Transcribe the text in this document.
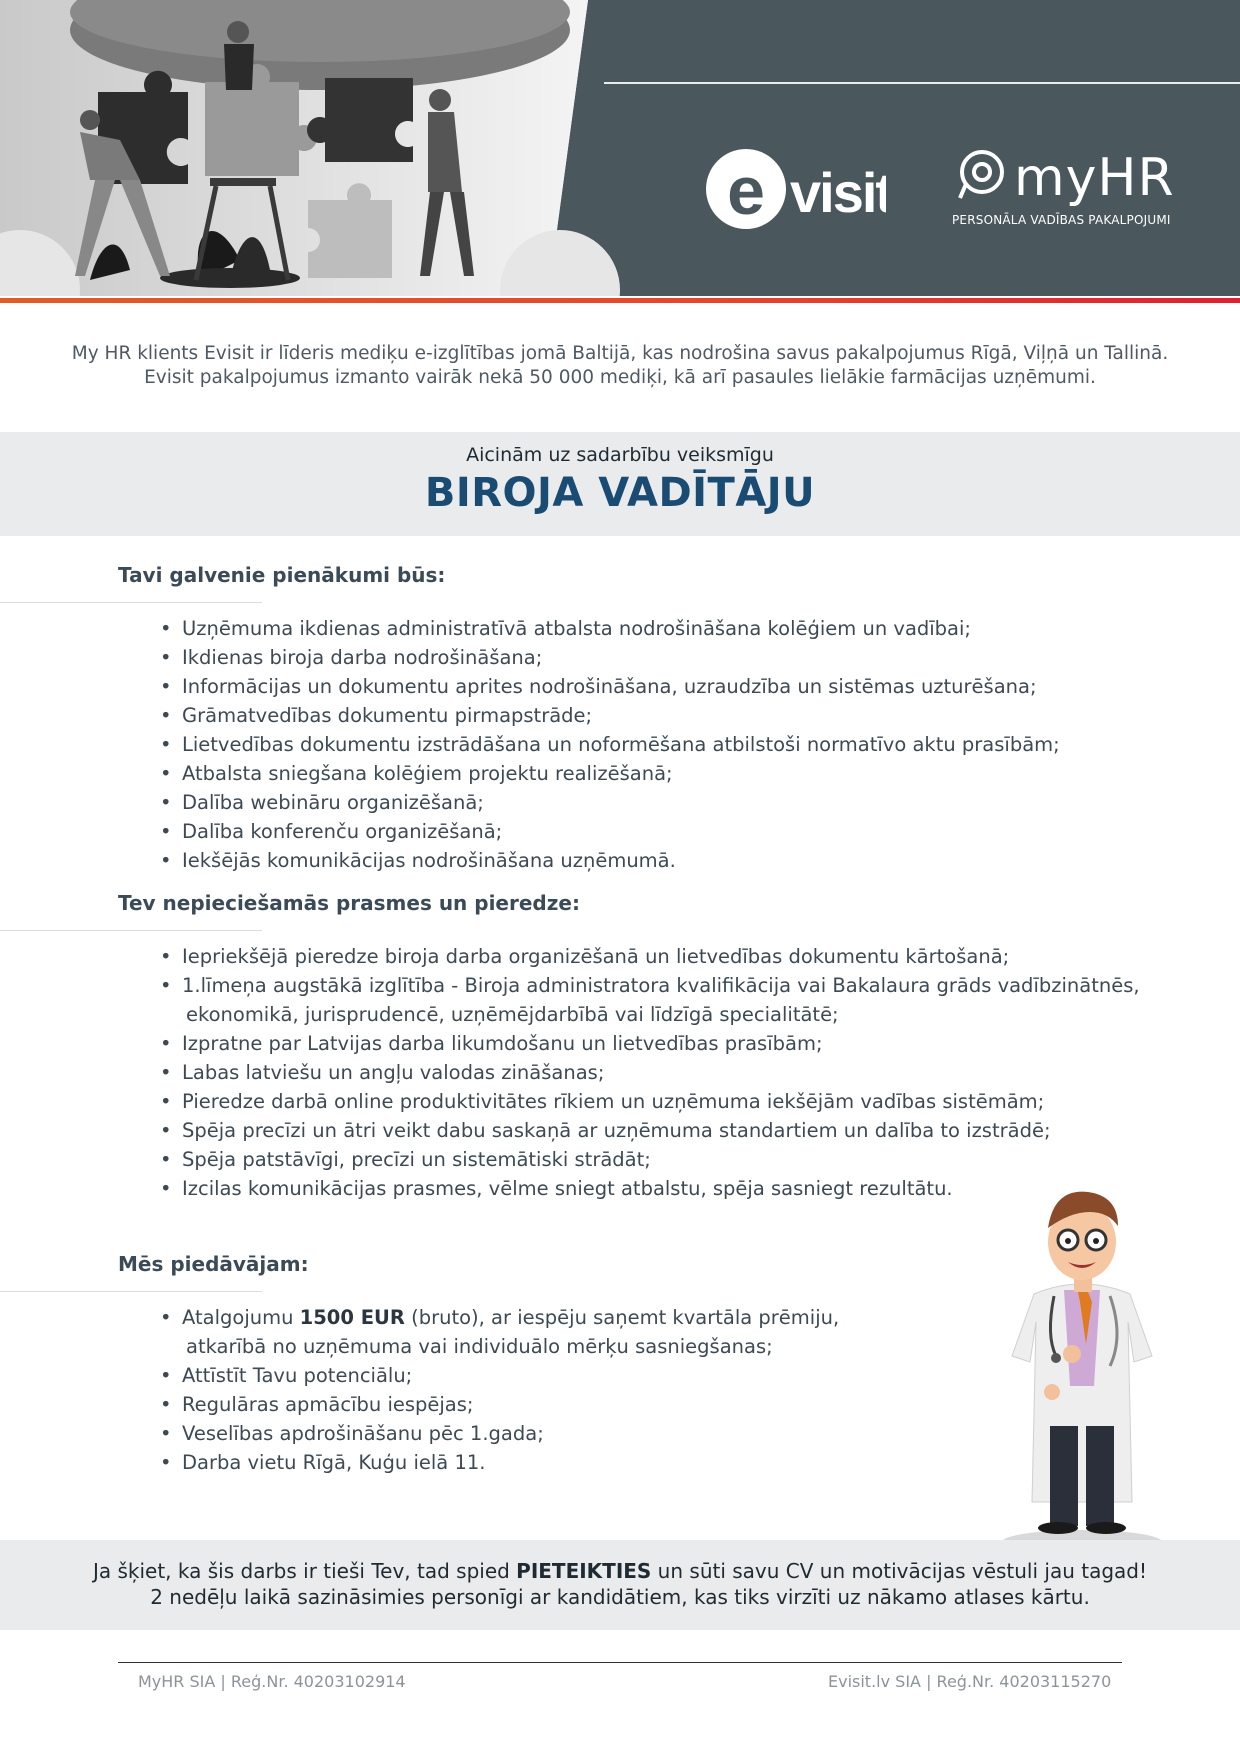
e visit myHR
PERSONĀLA VADĪBAS PAKALPOJUMI

My HR klients Evisit ir līderis mediķu e-izglītības jomā Baltijā, kas nodrošina savus pakalpojumus Rīgā, Viļņā un Tallinā.

Evisit pakalpojumus izmanto vairāk nekā 50 000 mediķi, kā arī pasaules lielākie farmācijas uzņēmumi.

Aicinām uz sadarbību veiksmīgu
BIROJA VADĪTĀJU
Tavi galvenie pienākumi būs:
• Uzņēmuma ikdienas administratīvā atbalsta nodrošināšana kolēģiem un vadībai;
• Ikdienas biroja darba nodrošināšana;
• Informācijas un dokumentu aprites nodrošināšana, uzraudzība un sistēmas uzturēšana;
• Grāmatvedības dokumentu pirmapstrāde;
• Lietvedības dokumentu izstrādāšana un noformēšana atbilstoši normatīvo aktu prasībām;
• Atbalsta sniegšana kolēģiem projektu realizēšanā;
• Dalība webināru organizēšanā;
• Dalība konferenču organizēšanā;
• Iekšējās komunikācijas nodrošināšana uzņēmumā.
Tev nepieciešamās prasmes un pieredze:
• Iepriekšējā pieredze biroja darba organizēšanā un lietvedības dokumentu kārtošanā;
• 1.līmeņa augstākā izglītība - Biroja administratora kvalifikācija vai Bakalaura grāds vadībzinātnēs,
ekonomikā, jurisprudencē, uzņēmējdarbībā vai līdzīgā specialitātē;
• Izpratne par Latvijas darba likumdošanu un lietvedības prasībām;
• Labas latviešu un angļu valodas zināšanas;
• Pieredze darbā online produktivitātes rīkiem un uzņēmuma iekšējām vadības sistēmām;
• Spēja precīzi un ātri veikt dabu saskaņā ar uzņēmuma standartiem un dalība to izstrādē;
• Spēja patstāvīgi, precīzi un sistemātiski strādāt;
• Izcilas komunikācijas prasmes, vēlme sniegt atbalstu, spēja sasniegt rezultātu.
Mēs piedāvājam:
• Atalgojumu 1500 EUR (bruto), ar iespēju saņemt kvartāla prēmiju,
atkarībā no uzņēmuma vai individuālo mērķu sasniegšanas;
• Attīstīt Tavu potenciālu;
• Regulāras apmācību iespējas;
• Veselības apdrošināšanu pēc 1.gada;
• Darba vietu Rīgā, Kuģu ielā 11.

Ja šķiet, ka šis darbs ir tieši Tev, tad spied PIETEIKTIES un sūti savu CV un motivācijas vēstuli jau tagad!

2 nedēļu laikā sazināsimies personīgi ar kandidātiem, kas tiks virzīti uz nākamo atlases kārtu.

MyHR SIA | Reģ.Nr. 40203102914	Evisit.lv SIA | Reģ.Nr. 40203115270
